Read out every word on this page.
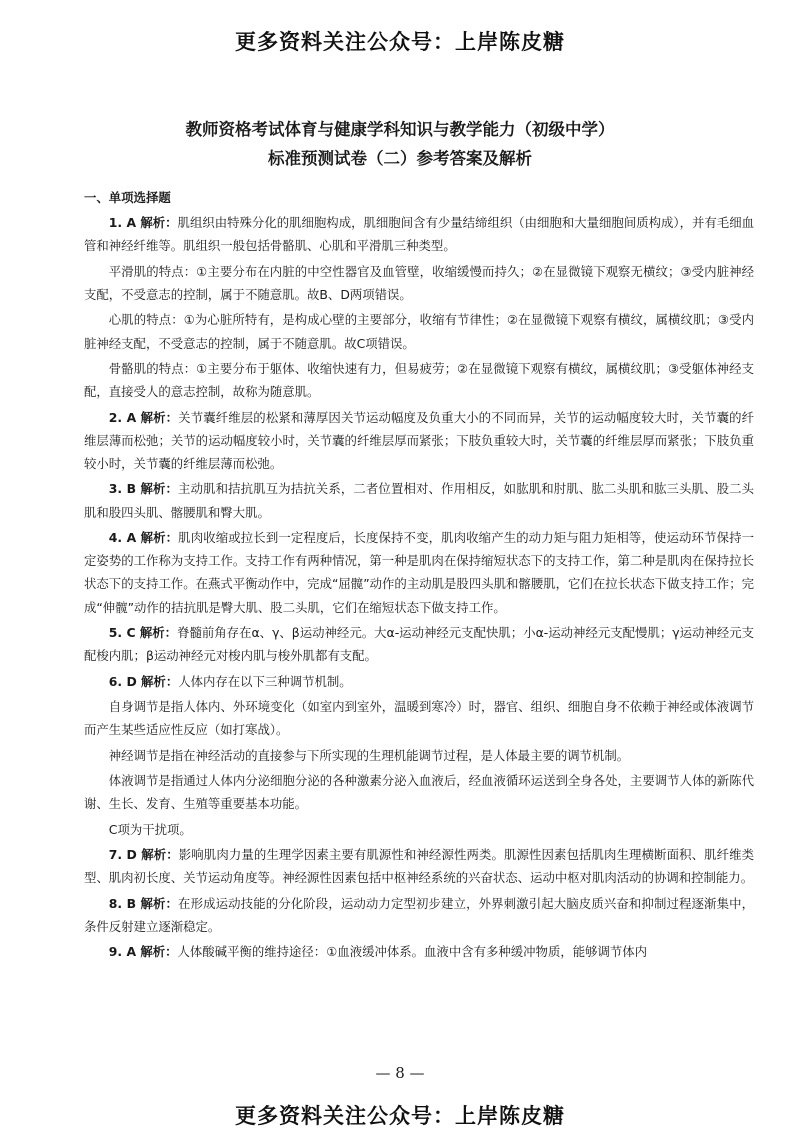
更多资料关注公众号：上岸陈皮糖
教师资格考试体育与健康学科知识与教学能力（初级中学）
标准预测试卷（二）参考答案及解析

一、单项选择题

1. A 解析：肌组织由特殊分化的肌细胞构成，肌细胞间含有少量结缔组织（由细胞和大量细胞间质构成），并有毛细血管和神经纤维等。肌组织一般包括骨骼肌、心肌和平滑肌三种类型。

平滑肌的特点：①主要分布在内脏的中空性器官及血管壁，收缩缓慢而持久；②在显微镜下观察无横纹；③受内脏神经支配，不受意志的控制，属于不随意肌。故B、D两项错误。

心肌的特点：①为心脏所特有，是构成心壁的主要部分，收缩有节律性；②在显微镜下观察有横纹，属横纹肌；③受内脏神经支配，不受意志的控制，属于不随意肌。故C项错误。

骨骼肌的特点：①主要分布于躯体、收缩快速有力，但易疲劳；②在显微镜下观察有横纹，属横纹肌；③受躯体神经支配，直接受人的意志控制，故称为随意肌。

2. A 解析：关节囊纤维层的松紧和薄厚因关节运动幅度及负重大小的不同而异，关节的运动幅度较大时，关节囊的纤维层薄而松弛；关节的运动幅度较小时，关节囊的纤维层厚而紧张；下肢负重较大时，关节囊的纤维层厚而紧张；下肢负重较小时，关节囊的纤维层薄而松弛。

3. B 解析：主动肌和拮抗肌互为拮抗关系，二者位置相对、作用相反，如肱肌和肘肌、肱二头肌和肱三头肌、股二头肌和股四头肌、髂腰肌和臀大肌。

4. A 解析：肌肉收缩或拉长到一定程度后，长度保持不变，肌肉收缩产生的动力矩与阻力矩相等，使运动环节保持一定姿势的工作称为支持工作。支持工作有两种情况，第一种是肌肉在保持缩短状态下的支持工作，第二种是肌肉在保持拉长状态下的支持工作。在燕式平衡动作中，完成“屈髋”动作的主动肌是股四头肌和髂腰肌，它们在拉长状态下做支持工作；完成“伸髋”动作的拮抗肌是臀大肌、股二头肌，它们在缩短状态下做支持工作。

5. C 解析：脊髓前角存在α、γ、β运动神经元。大α-运动神经元支配快肌；小α-运动神经元支配慢肌；γ运动神经元支配梭内肌；β运动神经元对梭内肌与梭外肌都有支配。

6. D 解析：人体内存在以下三种调节机制。

自身调节是指人体内、外环境变化（如室内到室外，温暖到寒冷）时，器官、组织、细胞自身不依赖于神经或体液调节而产生某些适应性反应（如打寒战）。

神经调节是指在神经活动的直接参与下所实现的生理机能调节过程，是人体最主要的调节机制。

体液调节是指通过人体内分泌细胞分泌的各种激素分泌入血液后，经血液循环运送到全身各处，主要调节人体的新陈代谢、生长、发育、生殖等重要基本功能。

C项为干扰项。

7. D 解析：影响肌肉力量的生理学因素主要有肌源性和神经源性两类。肌源性因素包括肌肉生理横断面积、肌纤维类型、肌肉初长度、关节运动角度等。神经源性因素包括中枢神经系统的兴奋状态、运动中枢对肌肉活动的协调和控制能力。

8. B 解析：在形成运动技能的分化阶段，运动动力定型初步建立，外界刺激引起大脑皮质兴奋和抑制过程逐渐集中，条件反射建立逐渐稳定。

9. A 解析：人体酸碱平衡的维持途径：①血液缓冲体系。血液中含有多种缓冲物质，能够调节体内

— 8 —
更多资料关注公众号：上岸陈皮糖
